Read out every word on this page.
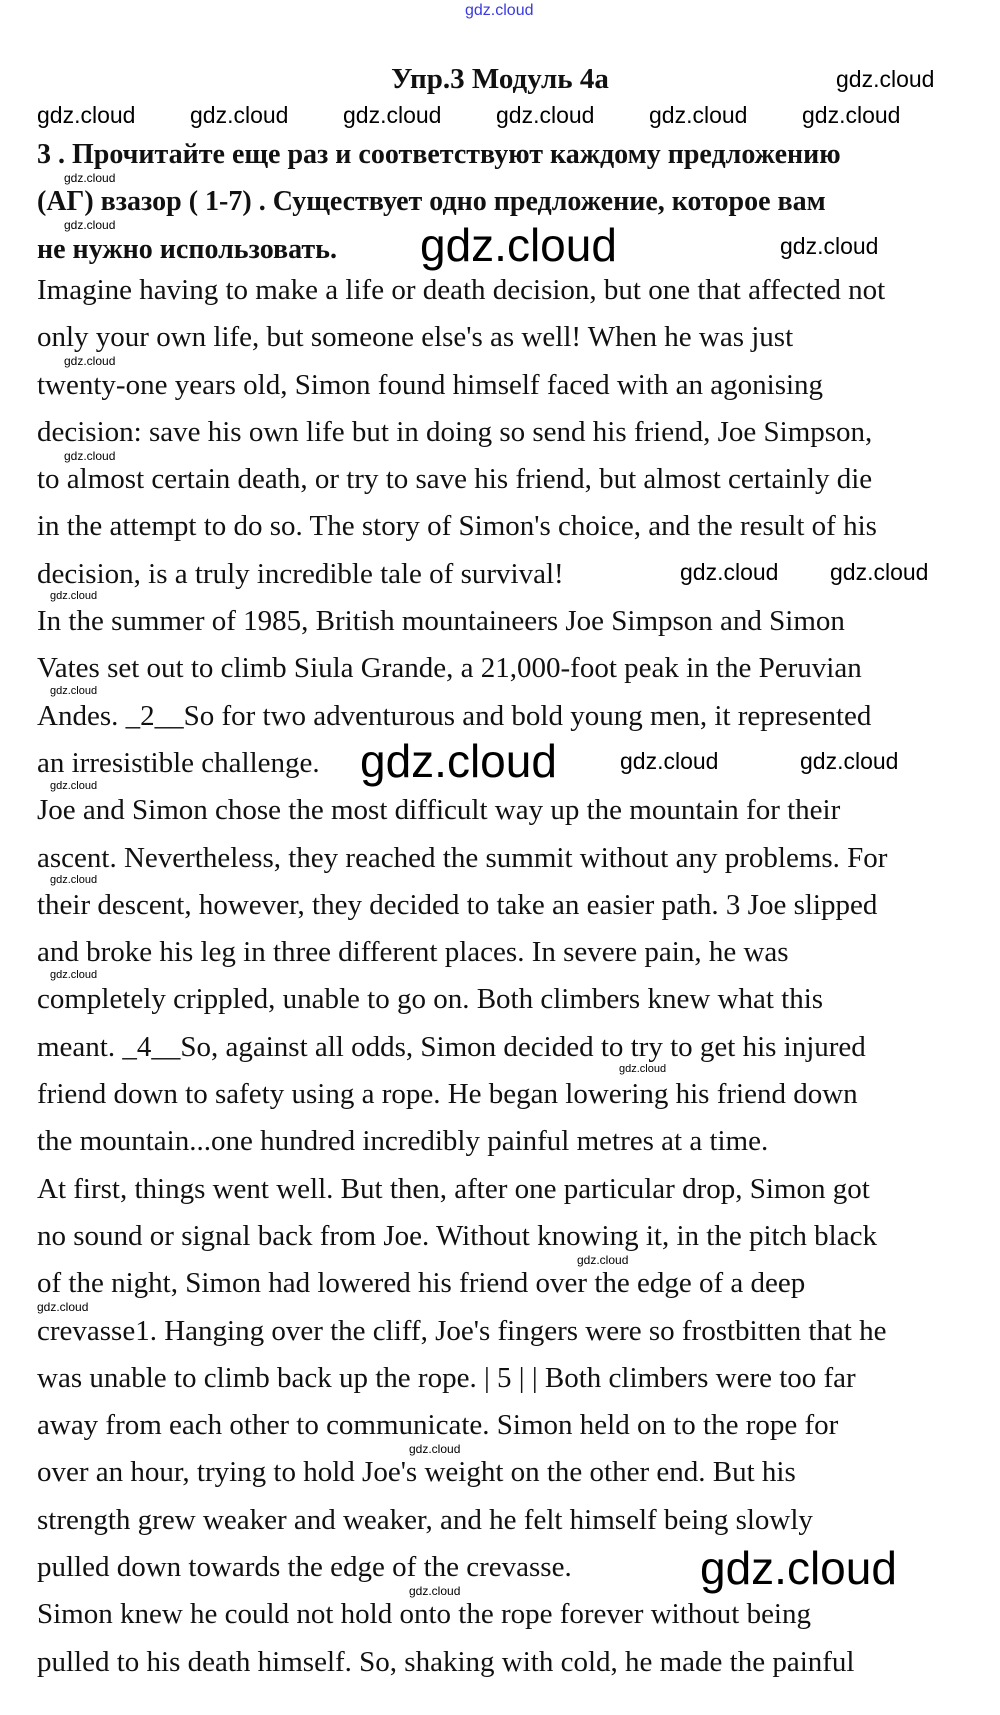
gdz.cloud
Упр.3 Модуль 4а
3 . Прочитайте еще раз и соответствуют каждому предложению
(АГ) взазор ( 1-7) . Существует одно предложение, которое вам
не нужно использовать.
Imagine having to make a life or death decision, but one that affected not
only your own life, but someone else's as well! When he was just
twenty-one years old, Simon found himself faced with an agonising
decision: save his own life but in doing so send his friend, Joe Simpson,
to almost certain death, or try to save his friend, but almost certainly die
in the attempt to do so. The story of Simon's choice, and the result of his
decision, is a truly incredible tale of survival!
In the summer of 1985, British mountaineers Joe Simpson and Simon
Vates set out to climb Siula Grande, a 21,000-foot peak in the Peruvian
Andes. _2__So for two adventurous and bold young men, it represented
an irresistible challenge.
Joe and Simon chose the most difficult way up the mountain for their
ascent. Nevertheless, they reached the summit without any problems. For
their descent, however, they decided to take an easier path. 3 Joe slipped
and broke his leg in three different places. In severe pain, he was
completely crippled, unable to go on. Both climbers knew what this
meant. _4__So, against all odds, Simon decided to try to get his injured
friend down to safety using a rope. He began lowering his friend down
the mountain...one hundred incredibly painful metres at a time.
At first, things went well. But then, after one particular drop, Simon got
no sound or signal back from Joe. Without knowing it, in the pitch black
of the night, Simon had lowered his friend over the edge of a deep
crevasse1. Hanging over the cliff, Joe's fingers were so frostbitten that he
was unable to climb back up the rope. | 5 | | Both climbers were too far
away from each other to communicate. Simon held on to the rope for
over an hour, trying to hold Joe's weight on the other end. But his
strength grew weaker and weaker, and he felt himself being slowly
pulled down towards the edge of the crevasse.
Simon knew he could not hold onto the rope forever without being
pulled to his death himself. So, shaking with cold, he made the painful
gdz.cloud
gdz.cloud gdz.cloud gdz.cloud gdz.cloud gdz.cloud gdz.cloud
gdz.cloud
gdz.cloud	gdz.cloud	gdz.cloud
gdz.cloud
gdz.cloud
gdz.cloud gdz.cloud
gdz.cloud
gdz.cloud
gdz.cloud	gdz.cloud	gdz.cloud
gdz.cloud
gdz.cloud
gdz.cloud
gdz.cloud
gdz.cloud
gdz.cloud
gdz.cloud
gdz.cloud	gdz.cloud
